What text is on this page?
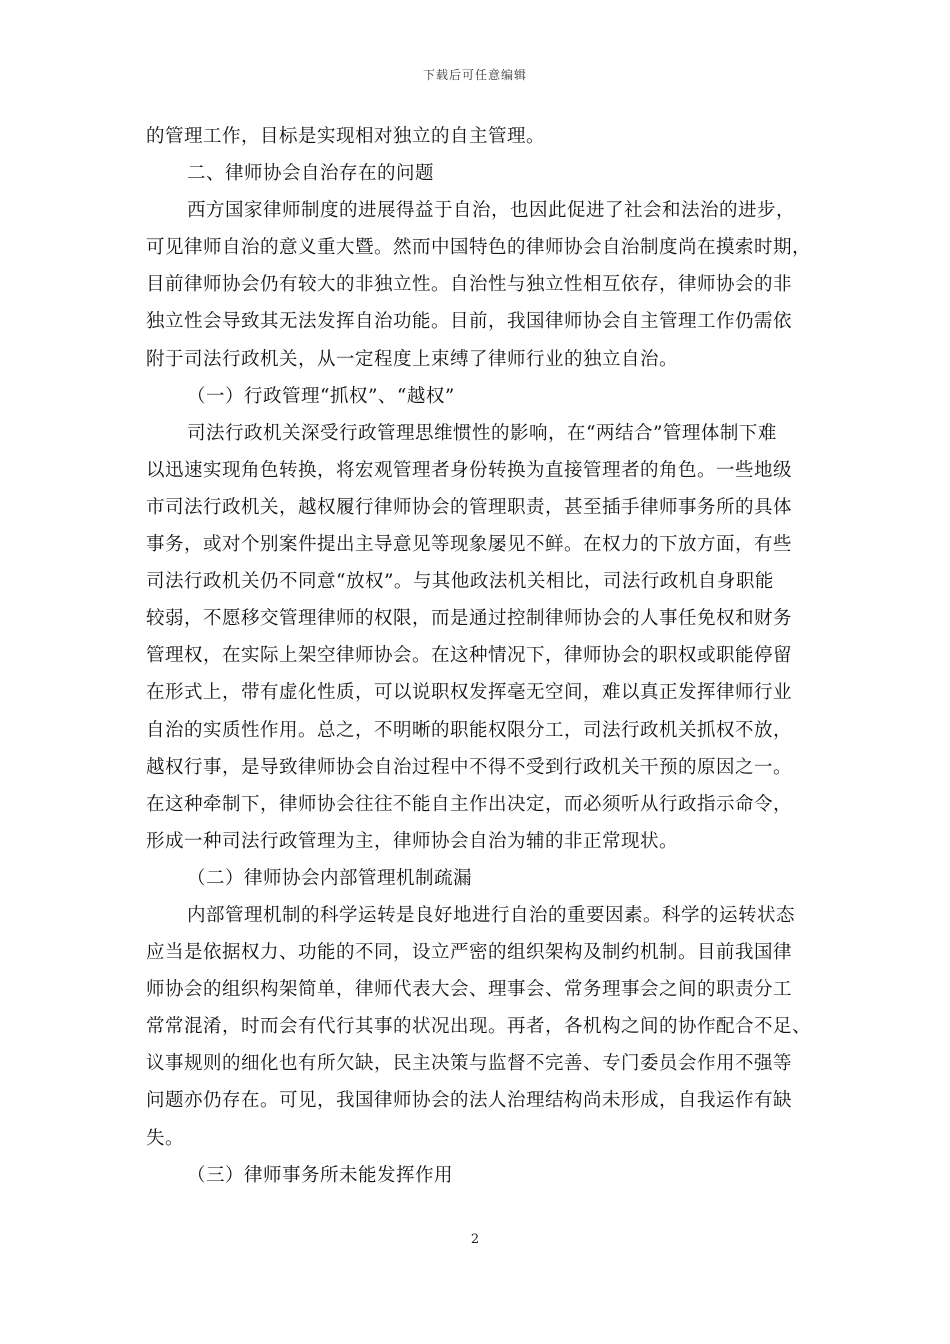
下载后可任意编辑
的管理工作，目标是实现相对独立的自主管理。
二、律师协会自治存在的问题
西方国家律师制度的进展得益于自治，也因此促进了社会和法治的进步，
可见律师自治的意义重大暨。然而中国特色的律师协会自治制度尚在摸索时期，
目前律师协会仍有较大的非独立性。自治性与独立性相互依存，律师协会的非
独立性会导致其无法发挥自治功能。目前，我国律师协会自主管理工作仍需依
附于司法行政机关，从一定程度上束缚了律师行业的独立自治。
（一）行政管理“抓权”、“越权”
司法行政机关深受行政管理思维惯性的影响，在“两结合”管理体制下难
以迅速实现角色转换，将宏观管理者身份转换为直接管理者的角色。一些地级
市司法行政机关，越权履行律师协会的管理职责，甚至插手律师事务所的具体
事务，或对个别案件提出主导意见等现象屡见不鲜。在权力的下放方面，有些
司法行政机关仍不同意“放权”。与其他政法机关相比，司法行政机自身职能
较弱，不愿移交管理律师的权限，而是通过控制律师协会的人事任免权和财务
管理权，在实际上架空律师协会。在这种情况下，律师协会的职权或职能停留
在形式上，带有虚化性质，可以说职权发挥毫无空间，难以真正发挥律师行业
自治的实质性作用。总之，不明晰的职能权限分工，司法行政机关抓权不放，
越权行事，是导致律师协会自治过程中不得不受到行政机关干预的原因之一。
在这种牵制下，律师协会往往不能自主作出决定，而必须听从行政指示命令，
形成一种司法行政管理为主，律师协会自治为辅的非正常现状。
（二）律师协会内部管理机制疏漏
内部管理机制的科学运转是良好地进行自治的重要因素。科学的运转状态
应当是依据权力、功能的不同，设立严密的组织架构及制约机制。目前我国律
师协会的组织构架简单，律师代表大会、理事会、常务理事会之间的职责分工
常常混淆，时而会有代行其事的状况出现。再者，各机构之间的协作配合不足、
议事规则的细化也有所欠缺，民主决策与监督不完善、专门委员会作用不强等
问题亦仍存在。可见，我国律师协会的法人治理结构尚未形成，自我运作有缺
失。
（三）律师事务所未能发挥作用
2
